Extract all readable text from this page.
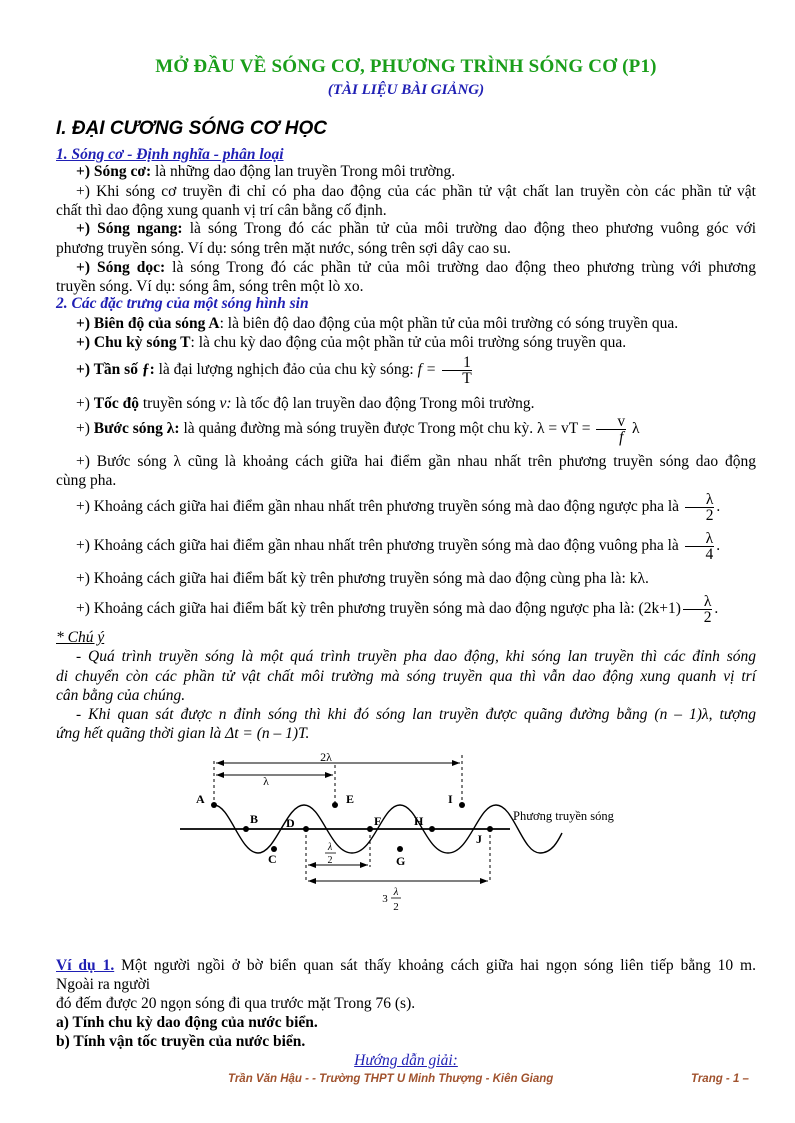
MỞ ĐẦU VỀ SÓNG CƠ, PHƯƠNG TRÌNH SÓNG CƠ (P1)
(TÀI LIỆU BÀI GIẢNG)
I. ĐẠI CƯƠNG SÓNG CƠ HỌC
1. Sóng cơ - Định nghĩa - phân loại
+) Sóng cơ: là những dao động lan truyền Trong môi trường.
+) Khi sóng cơ truyền đi chỉ có pha dao động của các phần tử vật chất lan truyền còn các phần tử vật
chất thì dao động xung quanh vị trí cân bằng cố định.
+) Sóng ngang: là sóng Trong đó các phần tử của môi trường dao động theo phương vuông góc với
phương truyền sóng. Ví dụ: sóng trên mặt nước, sóng trên sợi dây cao su.
+) Sóng dọc: là sóng Trong đó các phần tử của môi trường dao động theo phương trùng với phương
truyền sóng. Ví dụ: sóng âm, sóng trên một lò xo.
2. Các đặc trưng của một sóng hình sin
+) Biên độ của sóng A: là biên độ dao động của một phần tử của môi trường có sóng truyền qua.
+) Chu kỳ sóng T: là chu kỳ dao động của một phần tử của môi trường sóng truyền qua.
+) Tần số ƒ: là đại lượng nghịch đảo của chu kỳ sóng: $f = \frac{1}{T}$
+) Tốc độ truyền sóng v: là tốc độ lan truyền dao động Trong môi trường.
+) Bước sóng λ: là quảng đường mà sóng truyền được Trong một chu kỳ. λ = vT = $\frac{v}{f}$ λ
+) Bước sóng λ cũng là khoảng cách giữa hai điểm gần nhau nhất trên phương truyền sóng dao động
cùng pha.
+) Khoảng cách giữa hai điểm gần nhau nhất trên phương truyền sóng mà dao động ngược pha là $\frac{\lambda}{2}$ .
+) Khoảng cách giữa hai điểm gần nhau nhất trên phương truyền sóng mà dao động vuông pha là $\frac{\lambda}{4}$ .
+) Khoảng cách giữa hai điểm bất kỳ trên phương truyền sóng mà dao động cùng pha là: kλ.
+) Khoảng cách giữa hai điểm bất kỳ trên phương truyền sóng mà dao động ngược pha là: $(2k+1) \frac{\lambda}{2}$ .
* Chú ý
- Quá trình truyền sóng là một quá trình truyền pha dao động, khi sóng lan truyền thì các đỉnh sóng
di chuyển còn các phần tử vật chất môi trường mà sóng truyền qua thì vẫn dao động xung quanh vị trí
cân bằng của chúng.
- Khi quan sát được n đỉnh sóng thì khi đó sóng lan truyền được quãng đường bằng (n – 1)λ, tượng
ứng hết quãng thời gian là Δt = (n – 1)T.
2λ
λ
λ
2
3
λ
2
A
B
C
D
E
F
G
H
I
J
Phương truyền sóng
Ví dụ 1. Một người ngồi ở bờ biển quan sát thấy khoảng cách giữa hai ngọn sóng liên tiếp bằng 10 m.
Ngoài ra người
đó đếm được 20 ngọn sóng đi qua trước mặt Trong 76 (s).
a) Tính chu kỳ dao động của nước biển.
b) Tính vận tốc truyền của nước biển.
Hướng dẫn giải:
Trần Văn Hậu - - Trường THPT U Minh Thượng - Kiên Giang	Trang - 1 –
